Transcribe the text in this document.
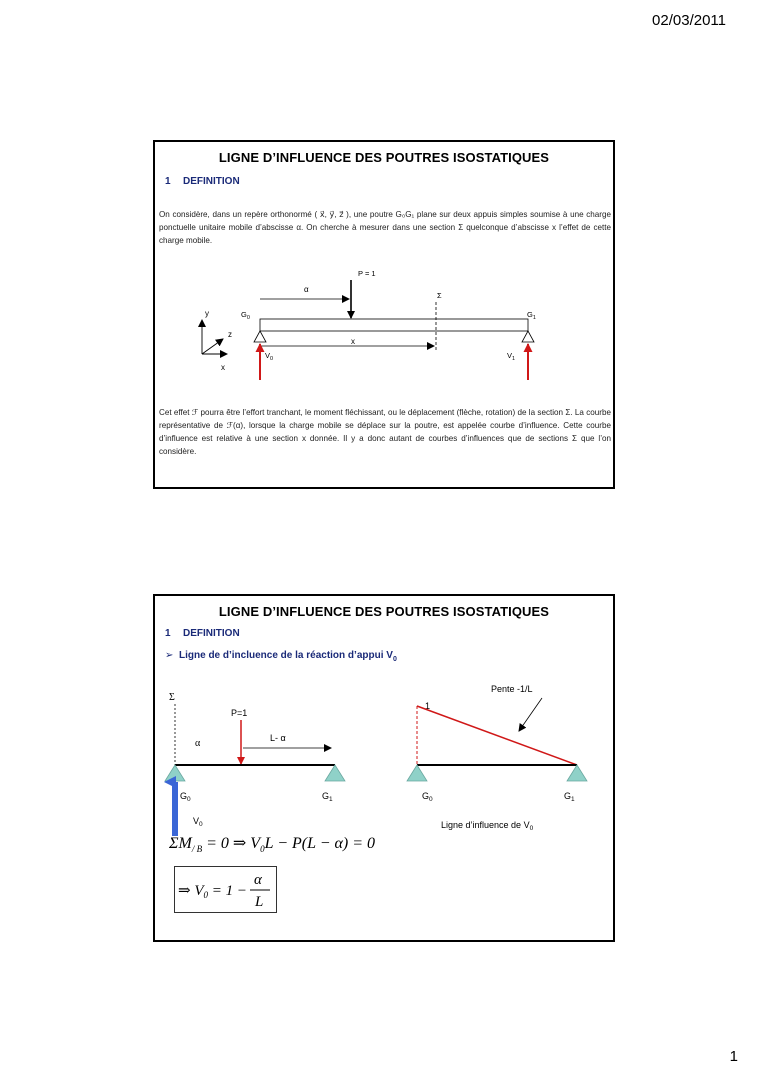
02/03/2011
LIGNE D’INFLUENCE DES POUTRES ISOSTATIQUES
1 DEFINITION
On considère, dans un repère orthonormé ( x⃗, y⃗, z⃗ ), une poutre G₀G₁ plane sur deux appuis simples soumise à une charge ponctuelle unitaire mobile d’abscisse α. On cherche à mesurer dans une section Σ quelconque d’abscisse x l’effet de cette charge mobile.
y
z
x
$G_0$	$G_1$
P = 1
α
Σ
x
$V_0$	$V_1$
Cet effet ℱ pourra être l’effort tranchant, le moment fléchissant, ou le déplacement (flèche, rotation) de la section Σ. La courbe représentative de ℱ(α), lorsque la charge mobile se déplace sur la poutre, est appelée courbe d’influence. Cette courbe d’influence est relative à une section x donnée. Il y a donc autant de courbes d’influences que de sections Σ que l’on considère.
LIGNE D’INFLUENCE DES POUTRES ISOSTATIQUES
1 DEFINITION
➢ Ligne de d’incluence de la réaction d’appui $V_0$
Σ
P=1
α	L- α
$G_0$	$G_1$
$V_0$
Pente -1/L
1
$G_0$	$G_1$
Ligne d’influence de $V_0$
$\Sigma M_{/ B} = 0$ ⇒ $V_0L - P(L - \alpha) = 0$
⇒ $V_0 = 1$ −
α
L
1
